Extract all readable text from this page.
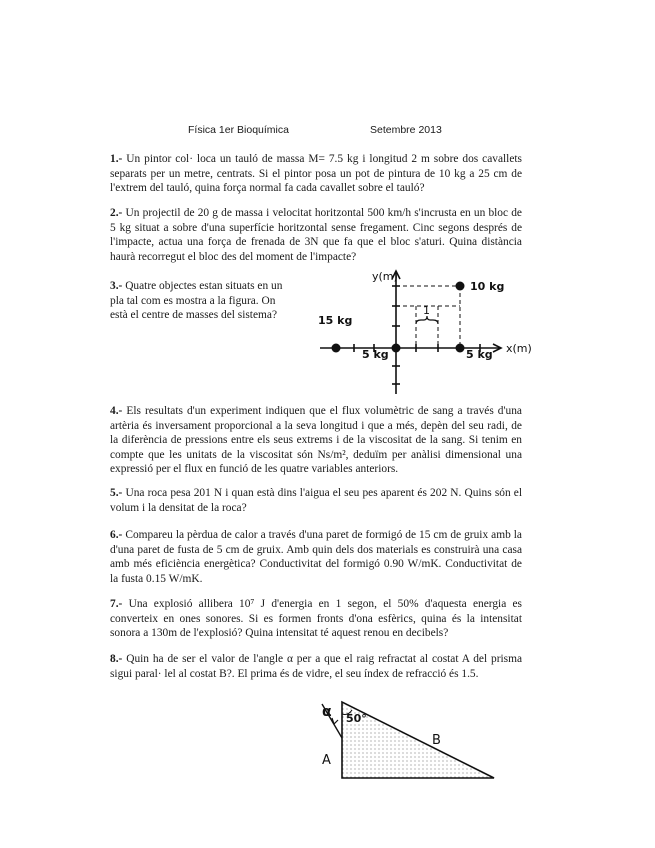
Física 1er Bioquímica	Setembre 2013
1.- Un pintor col· loca un tauló de massa M= 7.5 kg i longitud 2 m sobre dos cavallets separats per un metre, centrats. Si el pintor posa un pot de pintura de 10 kg a 25 cm de l'extrem del tauló, quina força normal fa cada cavallet sobre el tauló?
2.- Un projectil de 20 g de massa i velocitat horitzontal 500 km/h s'incrusta en un bloc de 5 kg situat a sobre d'una superfície horitzontal sense fregament. Cinc segons després de l'impacte, actua una força de frenada de 3N que fa que el bloc s'aturi. Quina distància haurà recorregut el bloc des del moment de l'impacte?
3.- Quatre objectes estan situats en un pla tal com es mostra a la figura. On està el centre de masses del sistema?
y(m)
x(m)
1
10 kg
15 kg
5 kg	5 kg
4.- Els resultats d'un experiment indiquen que el flux volumètric de sang a través d'una artèria és inversament proporcional a la seva longitud i que a més, depèn del seu radi, de la diferència de pressions entre els seus extrems i de la viscositat de la sang. Si tenim en compte que les unitats de la viscositat són Ns/m², deduïm per anàlisi dimensional una expressió per el flux en funció de les quatre variables anteriors.
5.- Una roca pesa 201 N i quan està dins l'aigua el seu pes aparent és 202 N. Quins són el volum i la densitat de la roca?
6.- Compareu la pèrdua de calor a través d'una paret de formigó de 15 cm de gruix amb la d'una paret de fusta de 5 cm de gruix. Amb quin dels dos materials es construirà una casa amb més eficiència energètica? Conductivitat del formigó 0.90 W/mK. Conductivitat de la fusta 0.15 W/mK.
7.- Una explosió allibera 10⁷ J d'energia en 1 segon, el 50% d'aquesta energia es converteix en ones sonores. Si es formen fronts d'ona esfèrics, quina és la intensitat sonora a 130m de l'explosió? Quina intensitat té aquest renou en decibels?
8.- Quin ha de ser el valor de l'angle α per a que el raig refractat al costat A del prisma sigui paral· lel al costat B?. El prima és de vidre, el seu índex de refracció és 1.5.
α 50°
A
B
